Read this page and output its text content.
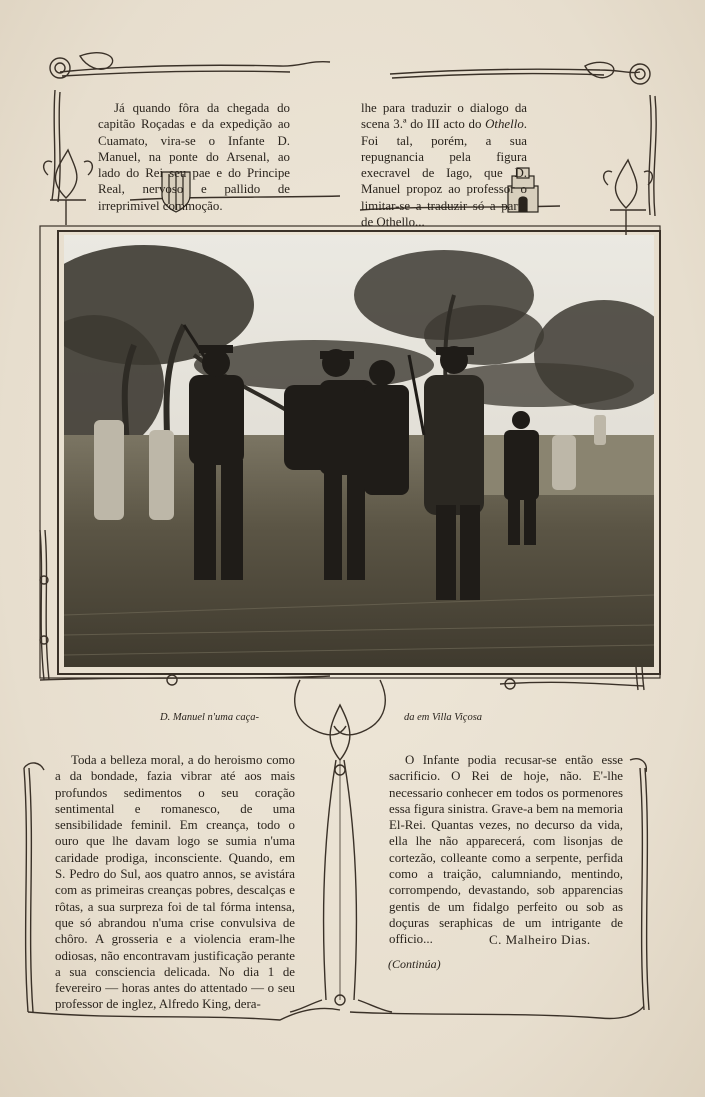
Já quando fôra da chegada do capitão Roçadas e da expedição ao Cuamato, vira-se o Infante D. Manuel, na ponte do Arsenal, ao lado do Rei seu pae e do Principe Real, nervoso e pallido de irreprimivel commoção.

lhe para traduzir o dialogo da scena 3.ª do III acto do Othello. Foi tal, porém, a sua repugnancia pela figura execravel de Iago, que D. Manuel propoz ao professor o limitar-se a traduzir só a parte de Othello...

D. Manuel n'uma caça-	da em Villa Viçosa

Toda a belleza moral, a do heroismo como a da bondade, fazia vibrar até aos mais profundos sedimentos o seu coração sentimental e romanesco, de uma sensibilidade feminil. Em creança, todo o ouro que lhe davam logo se sumia n'uma caridade prodiga, inconsciente. Quando, em S. Pedro do Sul, aos quatro annos, se avistára com as primeiras creanças pobres, descalças e rôtas, a sua surpreza foi de tal fórma intensa, que só abrandou n'uma crise convulsiva de chôro. A grosseria e a violencia eram-lhe odiosas, não encontravam justificação perante a sua consciencia delicada. No dia 1 de fevereiro — horas antes do attentado — o seu professor de inglez, Alfredo King, dera-

O Infante podia recusar-se então esse sacrificio. O Rei de hoje, não. E'-lhe necessario conhecer em todos os pormenores essa figura sinistra. Grave-a bem na memoria El-Rei. Quantas vezes, no decurso da vida, ella lhe não apparecerá, com lisonjas de cortezão, colleante como a serpente, perfida como a traição, calumniando, mentindo, corrompendo, devastando, sob apparencias gentis de um fidalgo perfeito ou sob as doçuras seraphicas de um intrigante de officio...	C. Malheiro Dias.
(Continúa)
